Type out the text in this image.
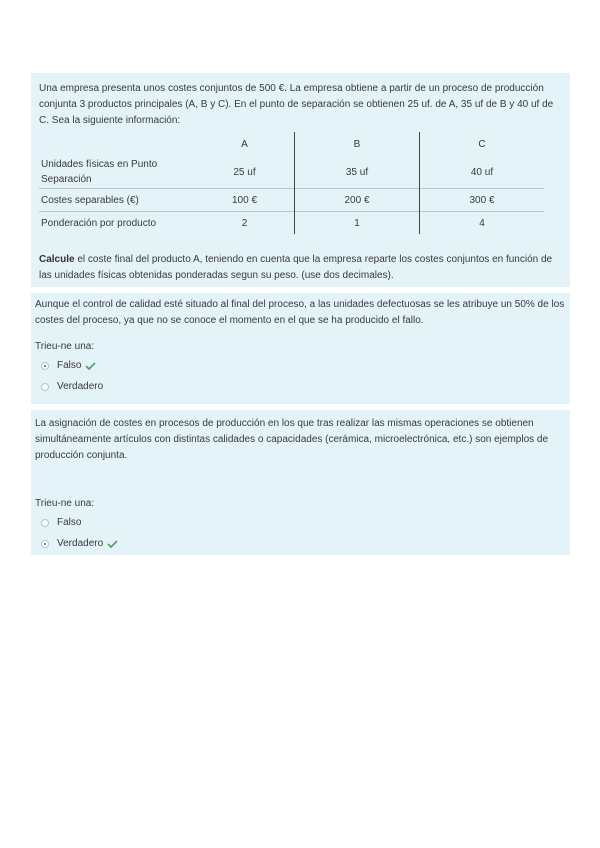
Una empresa presenta unos costes conjuntos de 500 €. La empresa obtiene a partir de un proceso de producción conjunta 3 productos principales (A, B y C). En el punto de separación se obtienen 25 uf. de A, 35 uf de B y 40 uf de C. Sea la siguiente información:

	A	B	C
Unidades físicas en Punto Separación	25 uf	35 uf	40 uf
Costes separables (€)	100 €	200 €	300 €
Ponderación por producto	2	1	4

Calcule el coste final del producto A, teniendo en cuenta que la empresa reparte los costes conjuntos en función de las unidades físicas obtenidas ponderadas segun su peso. (use dos decimales).

Aunque el control de calidad esté situado al final del proceso, a las unidades defectuosas se les atribuye un 50% de los costes del proceso, ya que no se conoce el momento en el que se ha producido el fallo.

Trieu-ne una:

Falso
Verdadero

La asignación de costes en procesos de producción en los que tras realizar las mismas operaciones se obtienen simultáneamente artículos con distintas calidades o capacidades (cerámica, microelectrónica, etc.) son ejemplos de producción conjunta.

Trieu-ne una:

Falso
Verdadero
